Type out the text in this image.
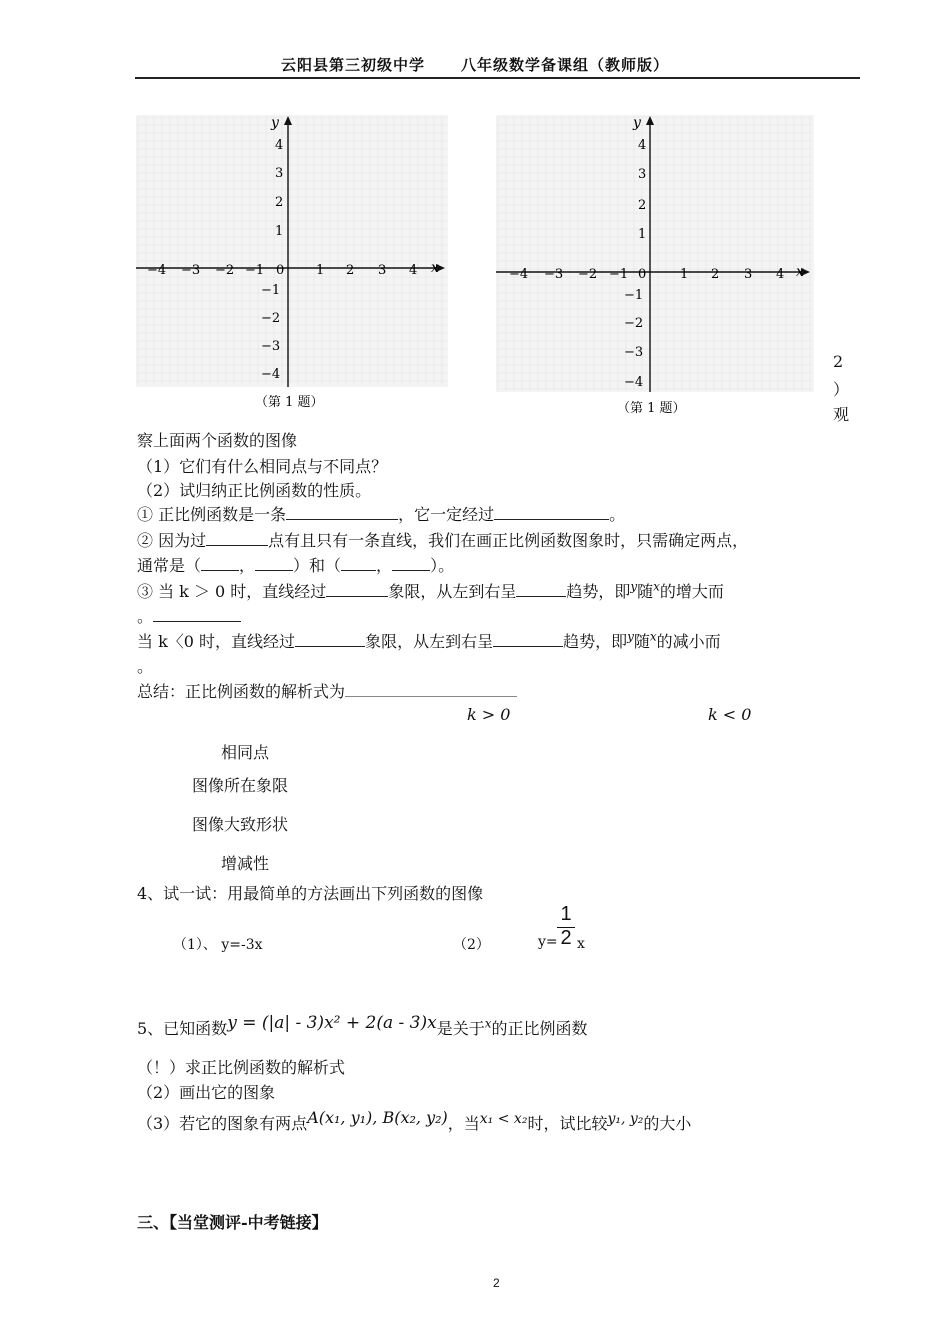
云阳县第三初级中学 八年级数学备课组（教师版）
x
y
0
−4 −3 −2 −1	1 2 3 4
4
3
2
1
−1
−2
−3
−4
（第 1 题）
x
y
0
−4 −3 −2 −1	1 2 3 4
4
3
2
1
−1
−2
−3
−4
（第 1 题）
2
）
观
察上面两个函数的图像
（1）它们有什么相同点与不同点？
（2）试归纳正比例函数的性质。
① 正比例函数是一条	，它一定经过	。
② 因为过	点有且只有一条直线，我们在画正比例函数图象时，只需确定两点，
通常是（ ， ）和（ ， ）。
③ 当 k ＞ 0 时，直线经过	象限，从左到右呈	趋势，即$^y$随$^x$的增大而
。
当 k〈0 时，直线经过	象限，从左到右呈	趋势，即$^y$随$^x$的减小而
。
总结：正比例函数的解析式为
k > 0	k < 0
相同点
图像所在象限
图像大致形状
增减性
4、试一试：用最简单的方法画出下列函数的图像
（1）、 y=-3x	（2）	y=
1
2 x
5、已知函数y = (|a| - 3)x² + 2(a - 3)x是关于$^x$的正比例函数
（！）求正比例函数的解析式
（2）画出它的图象
（3）若它的图象有两点A(x₁, y₁), B(x₂, y₂)，当x₁ < x₂时，试比较y₁, y₂的大小
三、【当堂测评-中考链接】
2
